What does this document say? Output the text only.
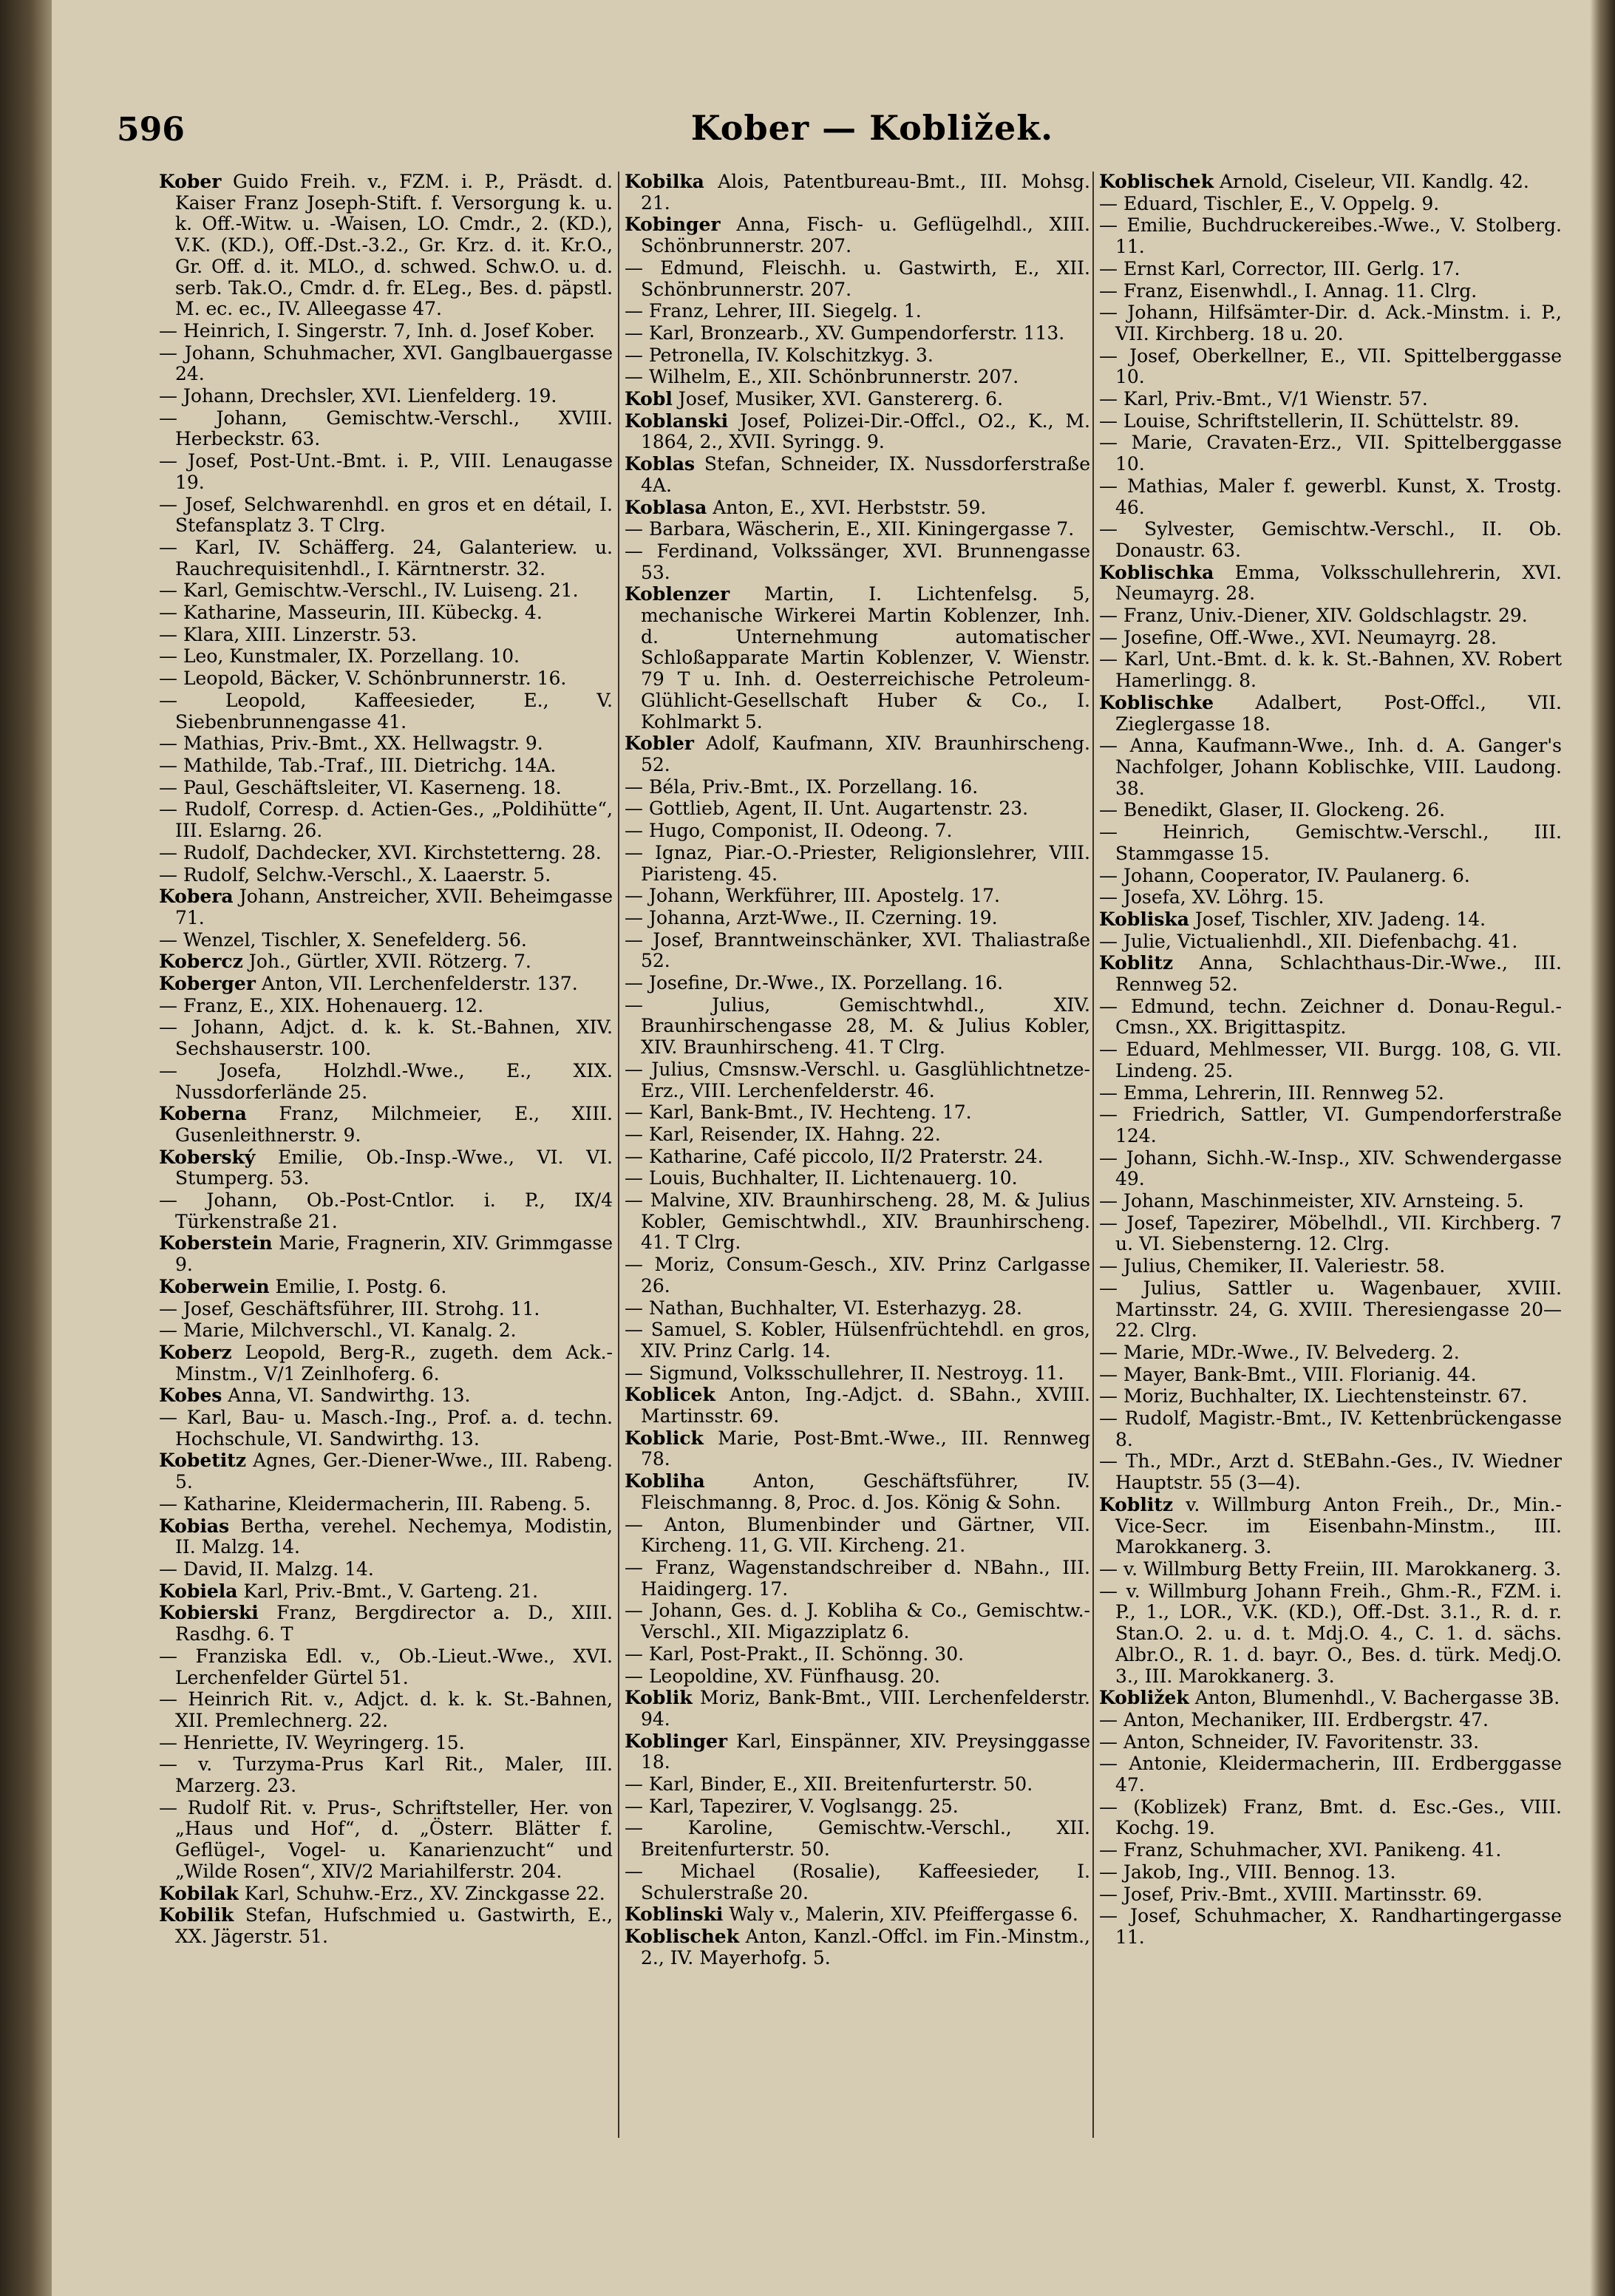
596	Kober — Kobližek.
Kober Guido Freih. v., FZM. i. P., Präsdt. d. Kaiser Franz Joseph-Stift. f. Versorgung k. u. k. Off.-Witw. u. -Waisen, LO. Cmdr., 2. (KD.), V.K. (KD.), Off.-Dst.-3.2., Gr. Krz. d. it. Kr.O., Gr. Off. d. it. MLO., d. schwed. Schw.O. u. d. serb. Tak.O., Cmdr. d. fr. ELeg., Bes. d. päpstl. M. ec. ec., IV. Alleegasse 47.
— Heinrich, I. Singerstr. 7, Inh. d. Josef Kober.
— Johann, Schuhmacher, XVI. Ganglbauergasse 24.
— Johann, Drechsler, XVI. Lienfelderg. 19.
— Johann, Gemischtw.-Verschl., XVIII. Herbeckstr. 63.
— Josef, Post-Unt.-Bmt. i. P., VIII. Lenaugasse 19.
— Josef, Selchwarenhdl. en gros et en détail, I. Stefansplatz 3. T Clrg.
— Karl, IV. Schäfferg. 24, Galanteriew. u. Rauchrequisitenhdl., I. Kärntnerstr. 32.
— Karl, Gemischtw.-Verschl., IV. Luiseng. 21.
— Katharine, Masseurin, III. Kübeckg. 4.
— Klara, XIII. Linzerstr. 53.
— Leo, Kunstmaler, IX. Porzellang. 10.
— Leopold, Bäcker, V. Schönbrunnerstr. 16.
— Leopold, Kaffeesieder, E., V. Siebenbrunnengasse 41.
— Mathias, Priv.-Bmt., XX. Hellwagstr. 9.
— Mathilde, Tab.-Traf., III. Dietrichg. 14A.
— Paul, Geschäftsleiter, VI. Kaserneng. 18.
— Rudolf, Corresp. d. Actien-Ges., „Poldihütte“, III. Eslarng. 26.
— Rudolf, Dachdecker, XVI. Kirchstetterng. 28.
— Rudolf, Selchw.-Verschl., X. Laaerstr. 5.
Kobera Johann, Anstreicher, XVII. Beheimgasse 71.
— Wenzel, Tischler, X. Senefelderg. 56.
Kobercz Joh., Gürtler, XVII. Rötzerg. 7.
Koberger Anton, VII. Lerchenfelderstr. 137.
— Franz, E., XIX. Hohenauerg. 12.
— Johann, Adjct. d. k. k. St.-Bahnen, XIV. Sechshauserstr. 100.
— Josefa, Holzhdl.-Wwe., E., XIX. Nussdorferlände 25.
Koberna Franz, Milchmeier, E., XIII. Gusenleithnerstr. 9.
Koberský Emilie, Ob.-Insp.-Wwe., VI. VI. Stumperg. 53.
— Johann, Ob.-Post-Cntlor. i. P., IX/4 Türkenstraße 21.
Koberstein Marie, Fragnerin, XIV. Grimmgasse 9.
Koberwein Emilie, I. Postg. 6.
— Josef, Geschäftsführer, III. Strohg. 11.
— Marie, Milchverschl., VI. Kanalg. 2.
Koberz Leopold, Berg-R., zugeth. dem Ack.-Minstm., V/1 Zeinlhoferg. 6.
Kobes Anna, VI. Sandwirthg. 13.
— Karl, Bau- u. Masch.-Ing., Prof. a. d. techn. Hochschule, VI. Sandwirthg. 13.
Kobetitz Agnes, Ger.-Diener-Wwe., III. Rabeng. 5.
— Katharine, Kleidermacherin, III. Rabeng. 5.
Kobias Bertha, verehel. Nechemya, Modistin, II. Malzg. 14.
— David, II. Malzg. 14.
Kobiela Karl, Priv.-Bmt., V. Garteng. 21.
Kobierski Franz, Bergdirector a. D., XIII. Rasdhg. 6. T
— Franziska Edl. v., Ob.-Lieut.-Wwe., XVI. Lerchenfelder Gürtel 51.
— Heinrich Rit. v., Adjct. d. k. k. St.-Bahnen, XII. Premlechnerg. 22.
— Henriette, IV. Weyringerg. 15.
— v. Turzyma-Prus Karl Rit., Maler, III. Marzerg. 23.
— Rudolf Rit. v. Prus-, Schriftsteller, Her. von „Haus und Hof“, d. „Österr. Blätter f. Geflügel-, Vogel- u. Kanarienzucht“ und „Wilde Rosen“, XIV/2 Mariahilferstr. 204.
Kobilak Karl, Schuhw.-Erz., XV. Zinckgasse 22.
Kobilik Stefan, Hufschmied u. Gastwirth, E., XX. Jägerstr. 51.
Kobilka Alois, Patentbureau-Bmt., III. Mohsg. 21.
Kobinger Anna, Fisch- u. Geflügelhdl., XIII. Schönbrunnerstr. 207.
— Edmund, Fleischh. u. Gastwirth, E., XII. Schönbrunnerstr. 207.
— Franz, Lehrer, III. Siegelg. 1.
— Karl, Bronzearb., XV. Gumpendorferstr. 113.
— Petronella, IV. Kolschitzkyg. 3.
— Wilhelm, E., XII. Schönbrunnerstr. 207.
Kobl Josef, Musiker, XVI. Ganstererg. 6.
Koblanski Josef, Polizei-Dir.-Offcl., O2., K., M. 1864, 2., XVII. Syringg. 9.
Koblas Stefan, Schneider, IX. Nussdorferstraße 4A.
Koblasa Anton, E., XVI. Herbststr. 59.
— Barbara, Wäscherin, E., XII. Kiningergasse 7.
— Ferdinand, Volkssänger, XVI. Brunnengasse 53.
Koblenzer Martin, I. Lichtenfelsg. 5, mechanische Wirkerei Martin Koblenzer, Inh. d. Unternehmung automatischer Schloßapparate Martin Koblenzer, V. Wienstr. 79 T u. Inh. d. Oesterreichische Petroleum-Glühlicht-Gesellschaft Huber & Co., I. Kohlmarkt 5.
Kobler Adolf, Kaufmann, XIV. Braunhirscheng. 52.
— Béla, Priv.-Bmt., IX. Porzellang. 16.
— Gottlieb, Agent, II. Unt. Augartenstr. 23.
— Hugo, Componist, II. Odeong. 7.
— Ignaz, Piar.-O.-Priester, Religionslehrer, VIII. Piaristeng. 45.
— Johann, Werkführer, III. Apostelg. 17.
— Johanna, Arzt-Wwe., II. Czerning. 19.
— Josef, Branntweinschänker, XVI. Thaliastraße 52.
— Josefine, Dr.-Wwe., IX. Porzellang. 16.
— Julius, Gemischtwhdl., XIV. Braunhirschengasse 28, M. & Julius Kobler, XIV. Braunhirscheng. 41. T Clrg.
— Julius, Cmsnsw.-Verschl. u. Gasglühlichtnetze-Erz., VIII. Lerchenfelderstr. 46.
— Karl, Bank-Bmt., IV. Hechteng. 17.
— Karl, Reisender, IX. Hahng. 22.
— Katharine, Café piccolo, II/2 Praterstr. 24.
— Louis, Buchhalter, II. Lichtenauerg. 10.
— Malvine, XIV. Braunhirscheng. 28, M. & Julius Kobler, Gemischtwhdl., XIV. Braunhirscheng. 41. T Clrg.
— Moriz, Consum-Gesch., XIV. Prinz Carlgasse 26.
— Nathan, Buchhalter, VI. Esterhazyg. 28.
— Samuel, S. Kobler, Hülsenfrüchtehdl. en gros, XIV. Prinz Carlg. 14.
— Sigmund, Volksschullehrer, II. Nestroyg. 11.
Koblicek Anton, Ing.-Adjct. d. SBahn., XVIII. Martinsstr. 69.
Koblick Marie, Post-Bmt.-Wwe., III. Rennweg 78.
Kobliha Anton, Geschäftsführer, IV. Fleischmanng. 8, Proc. d. Jos. König & Sohn.
— Anton, Blumenbinder und Gärtner, VII. Kircheng. 11, G. VII. Kircheng. 21.
— Franz, Wagenstandschreiber d. NBahn., III. Haidingerg. 17.
— Johann, Ges. d. J. Kobliha & Co., Gemischtw.-Verschl., XII. Migazziplatz 6.
— Karl, Post-Prakt., II. Schönng. 30.
— Leopoldine, XV. Fünfhausg. 20.
Koblik Moriz, Bank-Bmt., VIII. Lerchenfelderstr. 94.
Koblinger Karl, Einspänner, XIV. Preysinggasse 18.
— Karl, Binder, E., XII. Breitenfurterstr. 50.
— Karl, Tapezirer, V. Voglsangg. 25.
— Karoline, Gemischtw.-Verschl., XII. Breitenfurterstr. 50.
— Michael (Rosalie), Kaffeesieder, I. Schulerstraße 20.
Koblinski Waly v., Malerin, XIV. Pfeiffergasse 6.
Koblischek Anton, Kanzl.-Offcl. im Fin.-Minstm., 2., IV. Mayerhofg. 5.
Koblischek Arnold, Ciseleur, VII. Kandlg. 42.
— Eduard, Tischler, E., V. Oppelg. 9.
— Emilie, Buchdruckereibes.-Wwe., V. Stolberg. 11.
— Ernst Karl, Corrector, III. Gerlg. 17.
— Franz, Eisenwhdl., I. Annag. 11. Clrg.
— Johann, Hilfsämter-Dir. d. Ack.-Minstm. i. P., VII. Kirchberg. 18 u. 20.
— Josef, Oberkellner, E., VII. Spittelberggasse 10.
— Karl, Priv.-Bmt., V/1 Wienstr. 57.
— Louise, Schriftstellerin, II. Schüttelstr. 89.
— Marie, Cravaten-Erz., VII. Spittelberggasse 10.
— Mathias, Maler f. gewerbl. Kunst, X. Trostg. 46.
— Sylvester, Gemischtw.-Verschl., II. Ob. Donaustr. 63.
Koblischka Emma, Volksschullehrerin, XVI. Neumayrg. 28.
— Franz, Univ.-Diener, XIV. Goldschlagstr. 29.
— Josefine, Off.-Wwe., XVI. Neumayrg. 28.
— Karl, Unt.-Bmt. d. k. k. St.-Bahnen, XV. Robert Hamerlingg. 8.
Koblischke Adalbert, Post-Offcl., VII. Zieglergasse 18.
— Anna, Kaufmann-Wwe., Inh. d. A. Ganger's Nachfolger, Johann Koblischke, VIII. Laudong. 38.
— Benedikt, Glaser, II. Glockeng. 26.
— Heinrich, Gemischtw.-Verschl., III. Stammgasse 15.
— Johann, Cooperator, IV. Paulanerg. 6.
— Josefa, XV. Löhrg. 15.
Kobliska Josef, Tischler, XIV. Jadeng. 14.
— Julie, Victualienhdl., XII. Diefenbachg. 41.
Koblitz Anna, Schlachthaus-Dir.-Wwe., III. Rennweg 52.
— Edmund, techn. Zeichner d. Donau-Regul.-Cmsn., XX. Brigittaspitz.
— Eduard, Mehlmesser, VII. Burgg. 108, G. VII. Lindeng. 25.
— Emma, Lehrerin, III. Rennweg 52.
— Friedrich, Sattler, VI. Gumpendorferstraße 124.
— Johann, Sichh.-W.-Insp., XIV. Schwendergasse 49.
— Johann, Maschinmeister, XIV. Arnsteing. 5.
— Josef, Tapezirer, Möbelhdl., VII. Kirchberg. 7 u. VI. Siebensterng. 12. Clrg.
— Julius, Chemiker, II. Valeriestr. 58.
— Julius, Sattler u. Wagenbauer, XVIII. Martinsstr. 24, G. XVIII. Theresiengasse 20—22. Clrg.
— Marie, MDr.-Wwe., IV. Belvederg. 2.
— Mayer, Bank-Bmt., VIII. Florianig. 44.
— Moriz, Buchhalter, IX. Liechtensteinstr. 67.
— Rudolf, Magistr.-Bmt., IV. Kettenbrückengasse 8.
— Th., MDr., Arzt d. StEBahn.-Ges., IV. Wiedner Hauptstr. 55 (3—4).
Koblitz v. Willmburg Anton Freih., Dr., Min.-Vice-Secr. im Eisenbahn-Minstm., III. Marokkanerg. 3.
— v. Willmburg Betty Freiin, III. Marokkanerg. 3.
— v. Willmburg Johann Freih., Ghm.-R., FZM. i. P., 1., LOR., V.K. (KD.), Off.-Dst. 3.1., R. d. r. Stan.O. 2. u. d. t. Mdj.O. 4., C. 1. d. sächs. Albr.O., R. 1. d. bayr. O., Bes. d. türk. Medj.O. 3., III. Marokkanerg. 3.
Kobližek Anton, Blumenhdl., V. Bachergasse 3B.
— Anton, Mechaniker, III. Erdbergstr. 47.
— Anton, Schneider, IV. Favoritenstr. 33.
— Antonie, Kleidermacherin, III. Erdberggasse 47.
— (Koblizek) Franz, Bmt. d. Esc.-Ges., VIII. Kochg. 19.
— Franz, Schuhmacher, XVI. Panikeng. 41.
— Jakob, Ing., VIII. Bennog. 13.
— Josef, Priv.-Bmt., XVIII. Martinsstr. 69.
— Josef, Schuhmacher, X. Randhartingergasse 11.
